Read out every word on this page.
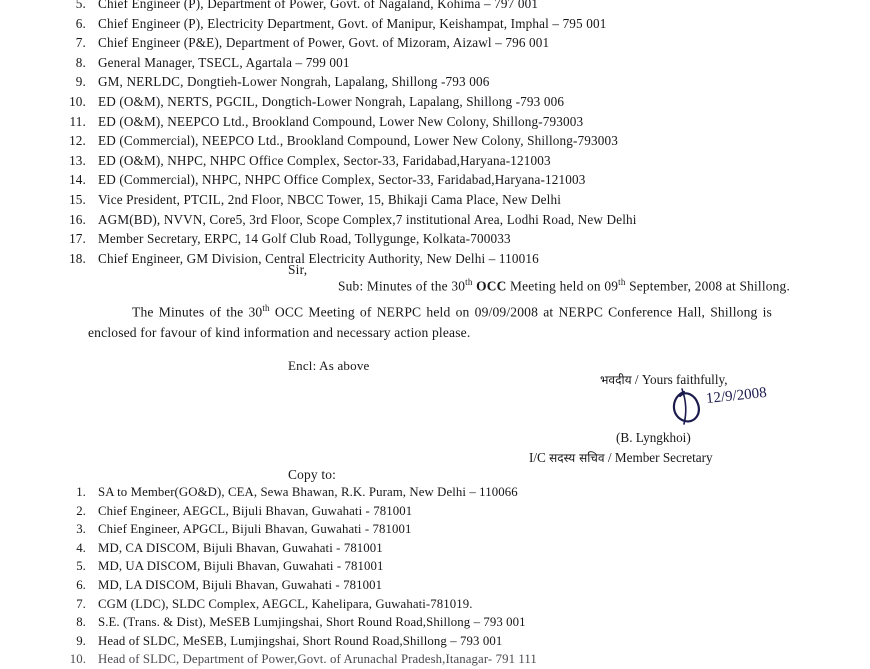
5. Chief Engineer (P), Department of Power, Govt. of Nagaland, Kohima – 797 001
6. Chief Engineer (P), Electricity Department, Govt. of Manipur, Keishampat, Imphal – 795 001
7. Chief Engineer (P&E), Department of Power, Govt. of Mizoram, Aizawl – 796 001
8. General Manager, TSECL, Agartala – 799 001
9. GM, NERLDC, Dongtieh-Lower Nongrah, Lapalang, Shillong -793 006
10. ED (O&M), NERTS, PGCIL, Dongtich-Lower Nongrah, Lapalang, Shillong -793 006
11. ED (O&M), NEEPCO Ltd., Brookland Compound, Lower New Colony, Shillong-793003
12. ED (Commercial), NEEPCO Ltd., Brookland Compound, Lower New Colony, Shillong-793003
13. ED (O&M), NHPC, NHPC Office Complex, Sector-33, Faridabad,Haryana-121003
14. ED (Commercial), NHPC, NHPC Office Complex, Sector-33, Faridabad,Haryana-121003
15. Vice President, PTCIL, 2nd Floor, NBCC Tower, 15, Bhikaji Cama Place, New Delhi
16. AGM(BD), NVVN, Core5, 3rd Floor, Scope Complex,7 institutional Area, Lodhi Road, New Delhi
17. Member Secretary, ERPC, 14 Golf Club Road, Tollygunge, Kolkata-700033
18. Chief Engineer, GM Division, Central Electricity Authority, New Delhi – 110016
Sir,
Sub: Minutes of the 30th OCC Meeting held on 09th September, 2008 at Shillong.
The Minutes of the 30th OCC Meeting of NERPC held on 09/09/2008 at NERPC Conference Hall, Shillong is enclosed for favour of kind information and necessary action please.
Encl: As above
भवदीय / Yours faithfully,
12/9/2008
(B. Lyngkhoi)
I/C सदस्य सचिव / Member Secretary
Copy to:
1. SA to Member(GO&D), CEA, Sewa Bhawan, R.K. Puram, New Delhi – 110066
2. Chief Engineer, AEGCL, Bijuli Bhavan, Guwahati - 781001
3. Chief Engineer, APGCL, Bijuli Bhavan, Guwahati - 781001
4. MD, CA DISCOM, Bijuli Bhavan, Guwahati - 781001
5. MD, UA DISCOM, Bijuli Bhavan, Guwahati - 781001
6. MD, LA DISCOM, Bijuli Bhavan, Guwahati - 781001
7. CGM (LDC), SLDC Complex, AEGCL, Kahelipara, Guwahati-781019.
8. S.E. (Trans. & Dist), MeSEB Lumjingshai, Short Round Road,Shillong – 793 001
9. Head of SLDC, MeSEB, Lumjingshai, Short Round Road,Shillong – 793 001
10. Head of SLDC, Department of Power,Govt. of Arunachal Pradesh,Itanagar- 791 111
